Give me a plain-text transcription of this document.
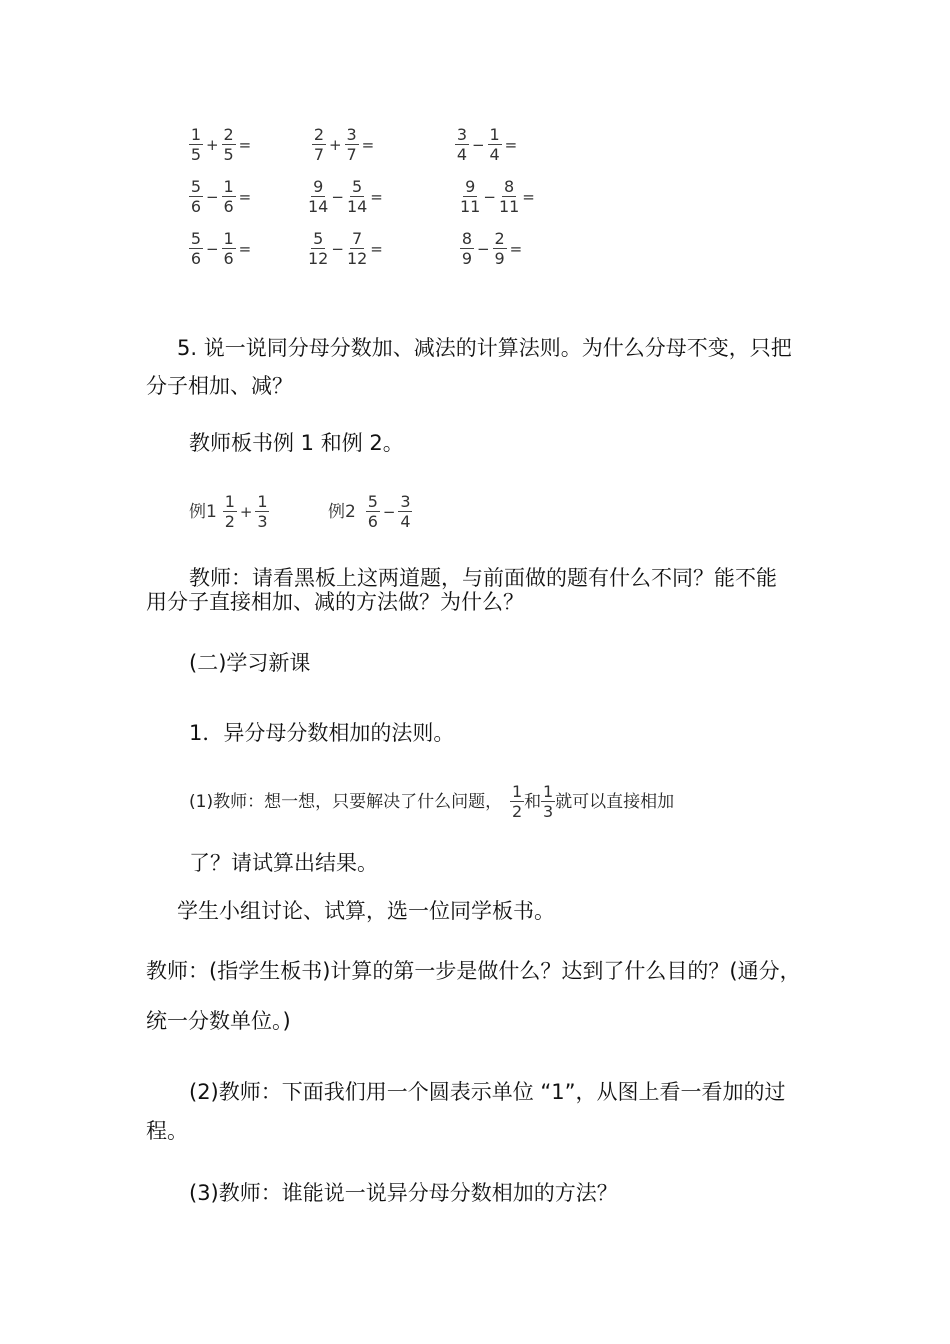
$\frac{1}{5} + \frac{2}{5}$ =	$\frac{2}{7} + \frac{3}{7}$ =	$\frac{3}{4} - \frac{1}{4}$ =
$\frac{5}{6} - \frac{1}{6}$ =	$\frac{9}{14} - \frac{5}{14}$ =	$\frac{9}{11} - \frac{8}{11}$ =
$\frac{5}{6} - \frac{1}{6}$ =	$\frac{5}{12} - \frac{7}{12}$ =	$\frac{8}{9} - \frac{2}{9}$ =
5. 说一说同分母分数加、减法的计算法则。为什么分母不变，只把
分子相加、减？
教师板书例 1 和例 2。
例$1 \frac{1}{2} + \frac{1}{3}$	例$2 \frac{5}{6} - \frac{3}{4}$
教师：请看黑板上这两道题，与前面做的题有什么不同？能不能
用分子直接相加、减的方法做？为什么？
(二)学习新课
1．异分母分数相加的法则。
(1)教师：想一想，只要解决了什么问题， $\frac{1}{2}$ 和 $\frac{1}{3}$ 就可以直接相加
了？请试算出结果。
学生小组讨论、试算，选一位同学板书。
教师：(指学生板书)计算的第一步是做什么？达到了什么目的？(通分，
统一分数单位。)
(2)教师：下面我们用一个圆表示单位 “1”，从图上看一看加的过
程。
(3)教师：谁能说一说异分母分数相加的方法？
